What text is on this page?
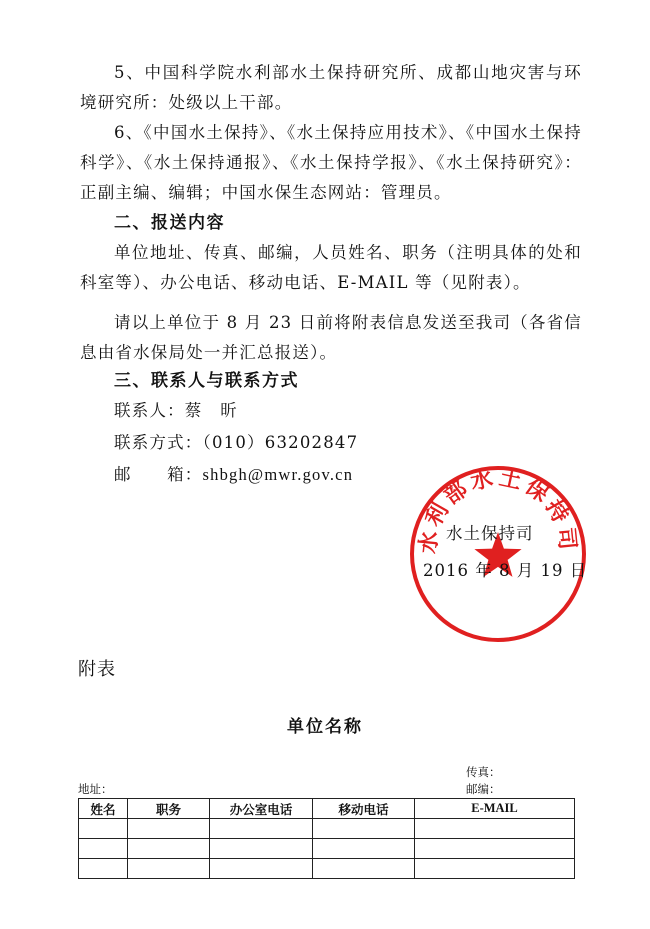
5、中国科学院水利部水土保持研究所、成都山地灾害与环境研究所：处级以上干部。

6、《中国水土保持》、《水土保持应用技术》、《中国水土保持科学》、《水土保持通报》、《水土保持学报》、《水土保持研究》：正副主编、编辑；中国水保生态网站：管理员。

二、报送内容

单位地址、传真、邮编，人员姓名、职务（注明具体的处和科室等）、办公电话、移动电话、E-MAIL 等（见附表）。

请以上单位于 8 月 23 日前将附表信息发送至我司（各省信息由省水保局处一并汇总报送）。

三、联系人与联系方式
联系人：蔡　昕
联系方式：（010）63202847
邮　　箱：shbgh@mwr.gov.cn
水利部水土保持司
水土保持司
2016 年 8 月 19 日
附表
单位名称
传真：
地址：	邮编：
姓名	职务	办公室电话	移动电话	E-MAIL
